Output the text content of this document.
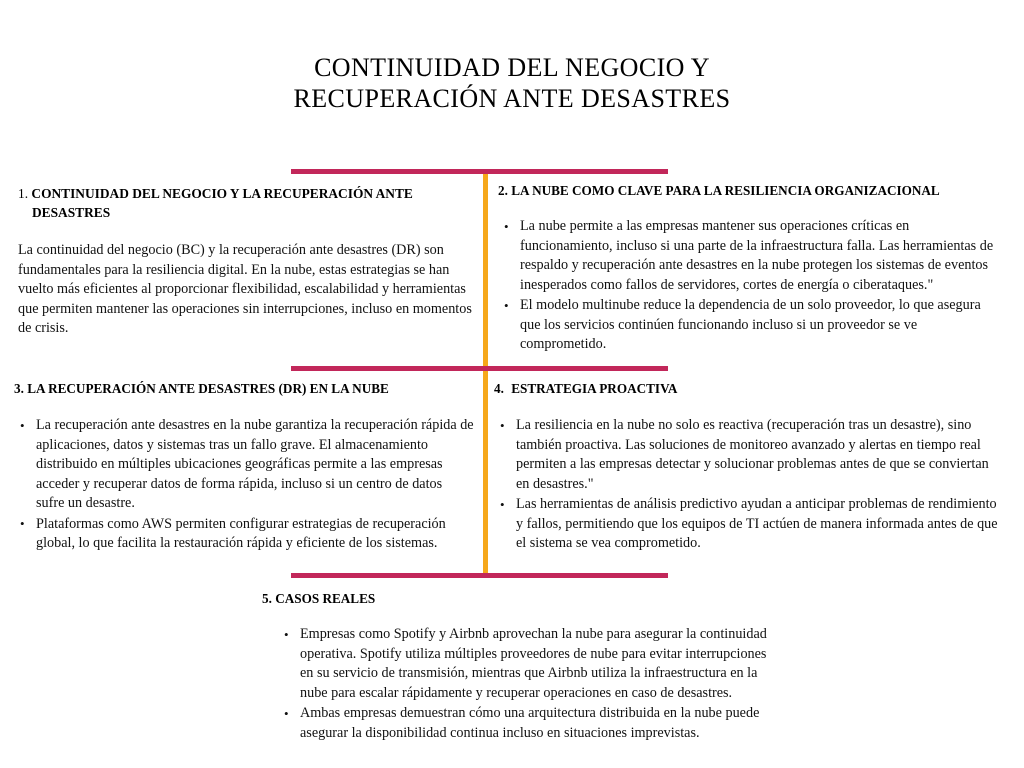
CONTINUIDAD DEL NEGOCIO Y
RECUPERACIÓN ANTE DESASTRES
1. CONTINUIDAD DEL NEGOCIO Y LA RECUPERACIÓN ANTE DESASTRES

La continuidad del negocio (BC) y la recuperación ante desastres (DR) son fundamentales para la resiliencia digital. En la nube, estas estrategias se han vuelto más eficientes al proporcionar flexibilidad, escalabilidad y herramientas que permiten mantener las operaciones sin interrupciones, incluso en momentos de crisis.

2. LA NUBE COMO CLAVE PARA LA RESILIENCIA ORGANIZACIONAL
• La nube permite a las empresas mantener sus operaciones críticas en funcionamiento, incluso si una parte de la infraestructura falla. Las herramientas de respaldo y recuperación ante desastres en la nube protegen los sistemas de eventos inesperados como fallos de servidores, cortes de energía o ciberataques."
• El modelo multinube reduce la dependencia de un solo proveedor, lo que asegura que los servicios continúen funcionando incluso si un proveedor se ve comprometido.
3. LA RECUPERACIÓN ANTE DESASTRES (DR) EN LA NUBE
• La recuperación ante desastres en la nube garantiza la recuperación rápida de aplicaciones, datos y sistemas tras un fallo grave. El almacenamiento distribuido en múltiples ubicaciones geográficas permite a las empresas acceder y recuperar datos de forma rápida, incluso si un centro de datos sufre un desastre.
• Plataformas como AWS permiten configurar estrategias de recuperación global, lo que facilita la restauración rápida y eficiente de los sistemas.
4. ESTRATEGIA PROACTIVA
• La resiliencia en la nube no solo es reactiva (recuperación tras un desastre), sino también proactiva. Las soluciones de monitoreo avanzado y alertas en tiempo real permiten a las empresas detectar y solucionar problemas antes de que se conviertan en desastres."
• Las herramientas de análisis predictivo ayudan a anticipar problemas de rendimiento y fallos, permitiendo que los equipos de TI actúen de manera informada antes de que el sistema se vea comprometido.
5. CASOS REALES
• Empresas como Spotify y Airbnb aprovechan la nube para asegurar la continuidad operativa. Spotify utiliza múltiples proveedores de nube para evitar interrupciones en su servicio de transmisión, mientras que Airbnb utiliza la infraestructura en la nube para escalar rápidamente y recuperar operaciones en caso de desastres.
• Ambas empresas demuestran cómo una arquitectura distribuida en la nube puede asegurar la disponibilidad continua incluso en situaciones imprevistas.
